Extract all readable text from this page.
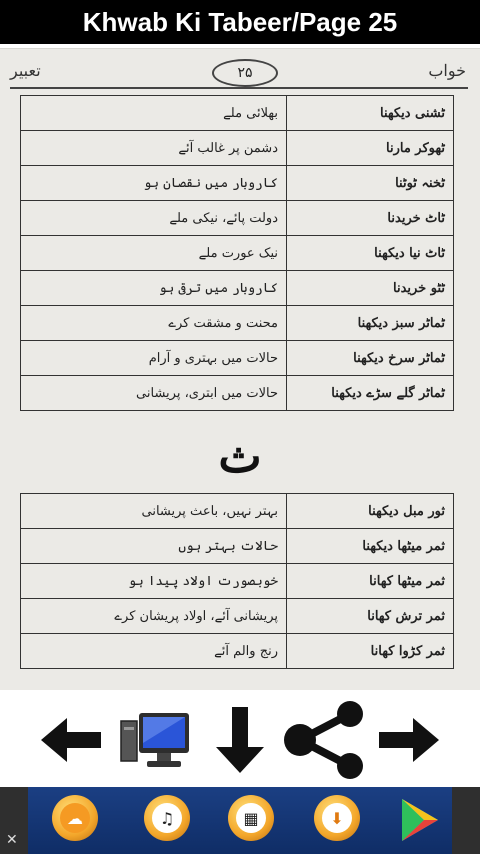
Khwab Ki Tabeer/Page 25
تعبیر	۲۵	خواب
بھلائی ملے	ٹشنی دیکھنا
دشمن پر غالب آئے	ٹھوکر مارنا
کاروبار میں نقصان ہو	ٹخنہ ٹوٹنا
دولت پائے، نیکی ملے	ٹاٹ خریدنا
نیک عورت ملے	ٹاٹ نیا دیکھنا
کاروبار میں ترقی ہو	ٹٹو خریدنا
محنت و مشقت کرے	ٹماٹر سبز دیکھنا
حالات میں بہتری و آرام	ٹماٹر سرخ دیکھنا
حالات میں ابتری، پریشانی	ٹماٹر گلے سڑے دیکھنا
ث
بہتر نہیں، باعث پریشانی	ثور مبل دیکھنا
حالات بہتر ہوں	ثمر میٹھا دیکھنا
خوبصورت اولاد پیدا ہو	ثمر میٹھا کھانا
پریشانی آئے، اولاد پریشان کرے	ثمر ترش کھانا
رنج والم آئے	ثمر کڑوا کھانا
☁	♫	▦	⬇
✕
